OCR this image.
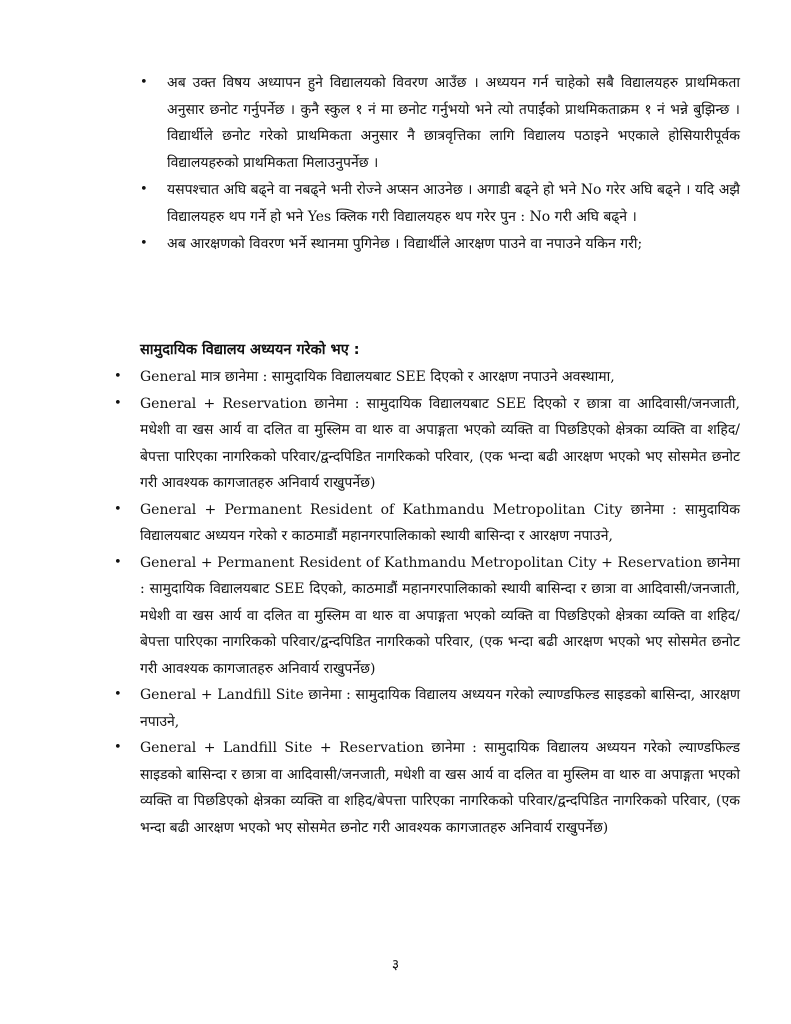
• अब उक्त विषय अध्यापन हुने विद्यालयको विवरण आउँछ । अध्ययन गर्न चाहेको सबै विद्यालयहरु प्राथमिकता अनुसार छनोट गर्नुपर्नेछ । कुनै स्कुल १ नं मा छनोट गर्नुभयो भने त्यो तपाईंको प्राथमिकताक्रम १ नं भन्ने बुझिन्छ । विद्यार्थीले छनोट गरेको प्राथमिकता अनुसार नै छात्रवृत्तिका लागि विद्यालय पठाइने भएकाले होसियारीपूर्वक विद्यालयहरुको प्राथमिकता मिलाउनुपर्नेछ ।
• यसपश्चात अघि बढ्ने वा नबढ्ने भनी रोज्ने अप्सन आउनेछ । अगाडी बढ्ने हो भने No गरेर अघि बढ्ने । यदि अझै विद्यालयहरु थप गर्ने हो भने Yes क्लिक गरी विद्यालयहरु थप गरेर पुन : No गरी अघि बढ्ने ।
• अब आरक्षणको विवरण भर्ने स्थानमा पुगिनेछ । विद्यार्थीले आरक्षण पाउने वा नपाउने यकिन गरी;
सामुदायिक विद्यालय अध्ययन गरेको भए :
• General मात्र छानेमा : सामुदायिक विद्यालयबाट SEE दिएको र आरक्षण नपाउने अवस्थामा,
• General + Reservation छानेमा : सामुदायिक विद्यालयबाट SEE दिएको र छात्रा वा आदिवासी/जनजाती, मधेशी वा खस आर्य वा दलित वा मुस्लिम वा थारु वा अपाङ्गता भएको व्यक्ति वा पिछडिएको क्षेत्रका व्यक्ति वा शहिद/बेपत्ता पारिएका नागरिकको परिवार/द्वन्दपिडित नागरिकको परिवार, (एक भन्दा बढी आरक्षण भएको भए सोसमेत छनोट गरी आवश्यक कागजातहरु अनिवार्य राखुपर्नेछ)
• General + Permanent Resident of Kathmandu Metropolitan City छानेमा : सामुदायिक विद्यालयबाट अध्ययन गरेको र काठमाडौं महानगरपालिकाको स्थायी बासिन्दा र आरक्षण नपाउने,
• General + Permanent Resident of Kathmandu Metropolitan City + Reservation छानेमा : सामुदायिक विद्यालयबाट SEE दिएको, काठमाडौं महानगरपालिकाको स्थायी बासिन्दा र छात्रा वा आदिवासी/जनजाती, मधेशी वा खस आर्य वा दलित वा मुस्लिम वा थारु वा अपाङ्गता भएको व्यक्ति वा पिछडिएको क्षेत्रका व्यक्ति वा शहिद/बेपत्ता पारिएका नागरिकको परिवार/द्वन्दपिडित नागरिकको परिवार, (एक भन्दा बढी आरक्षण भएको भए सोसमेत छनोट गरी आवश्यक कागजातहरु अनिवार्य राखुपर्नेछ)
• General + Landfill Site छानेमा : सामुदायिक विद्यालय अध्ययन गरेको ल्याण्डफिल्ड साइडको बासिन्दा, आरक्षण नपाउने,
• General + Landfill Site + Reservation छानेमा : सामुदायिक विद्यालय अध्ययन गरेको ल्याण्डफिल्ड साइडको बासिन्दा र छात्रा वा आदिवासी/जनजाती, मधेशी वा खस आर्य वा दलित वा मुस्लिम वा थारु वा अपाङ्गता भएको व्यक्ति वा पिछडिएको क्षेत्रका व्यक्ति वा शहिद/बेपत्ता पारिएका नागरिकको परिवार/द्वन्दपिडित नागरिकको परिवार, (एक भन्दा बढी आरक्षण भएको भए सोसमेत छनोट गरी आवश्यक कागजातहरु अनिवार्य राखुपर्नेछ)
३
